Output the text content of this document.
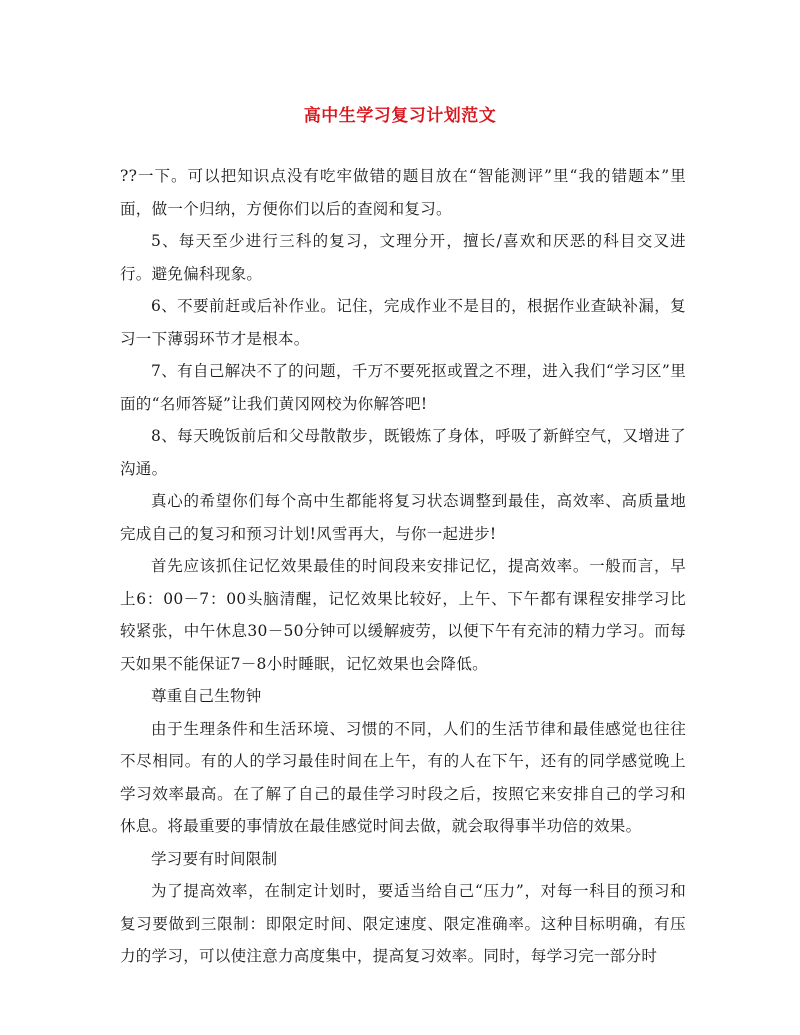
高中生学习复习计划范文

??一下。可以把知识点没有吃牢做错的题目放在“智能测评”里“我的错题本”里面，做一个归纳，方便你们以后的查阅和复习。

5、每天至少进行三科的复习，文理分开，擅长/喜欢和厌恶的科目交叉进行。避免偏科现象。

6、不要前赶或后补作业。记住，完成作业不是目的，根据作业查缺补漏，复习一下薄弱环节才是根本。

7、有自己解决不了的问题，千万不要死抠或置之不理，进入我们“学习区”里面的“名师答疑”让我们黄冈网校为你解答吧!

8、每天晚饭前后和父母散散步，既锻炼了身体，呼吸了新鲜空气，又增进了沟通。

真心的希望你们每个高中生都能将复习状态调整到最佳，高效率、高质量地完成自己的复习和预习计划!风雪再大，与你一起进步!

首先应该抓住记忆效果最佳的时间段来安排记忆，提高效率。一般而言，早上6：00－7：00头脑清醒，记忆效果比较好，上午、下午都有课程安排学习比较紧张，中午休息30－50分钟可以缓解疲劳，以便下午有充沛的精力学习。而每天如果不能保证7－8小时睡眠，记忆效果也会降低。

尊重自己生物钟

由于生理条件和生活环境、习惯的不同，人们的生活节律和最佳感觉也往往不尽相同。有的人的学习最佳时间在上午，有的人在下午，还有的同学感觉晚上学习效率最高。在了解了自己的最佳学习时段之后，按照它来安排自己的学习和休息。将最重要的事情放在最佳感觉时间去做，就会取得事半功倍的效果。

学习要有时间限制

为了提高效率，在制定计划时，要适当给自己“压力”，对每一科目的预习和复习要做到三限制：即限定时间、限定速度、限定准确率。这种目标明确，有压力的学习，可以使注意力高度集中，提高复习效率。同时，每学习完一部分时
